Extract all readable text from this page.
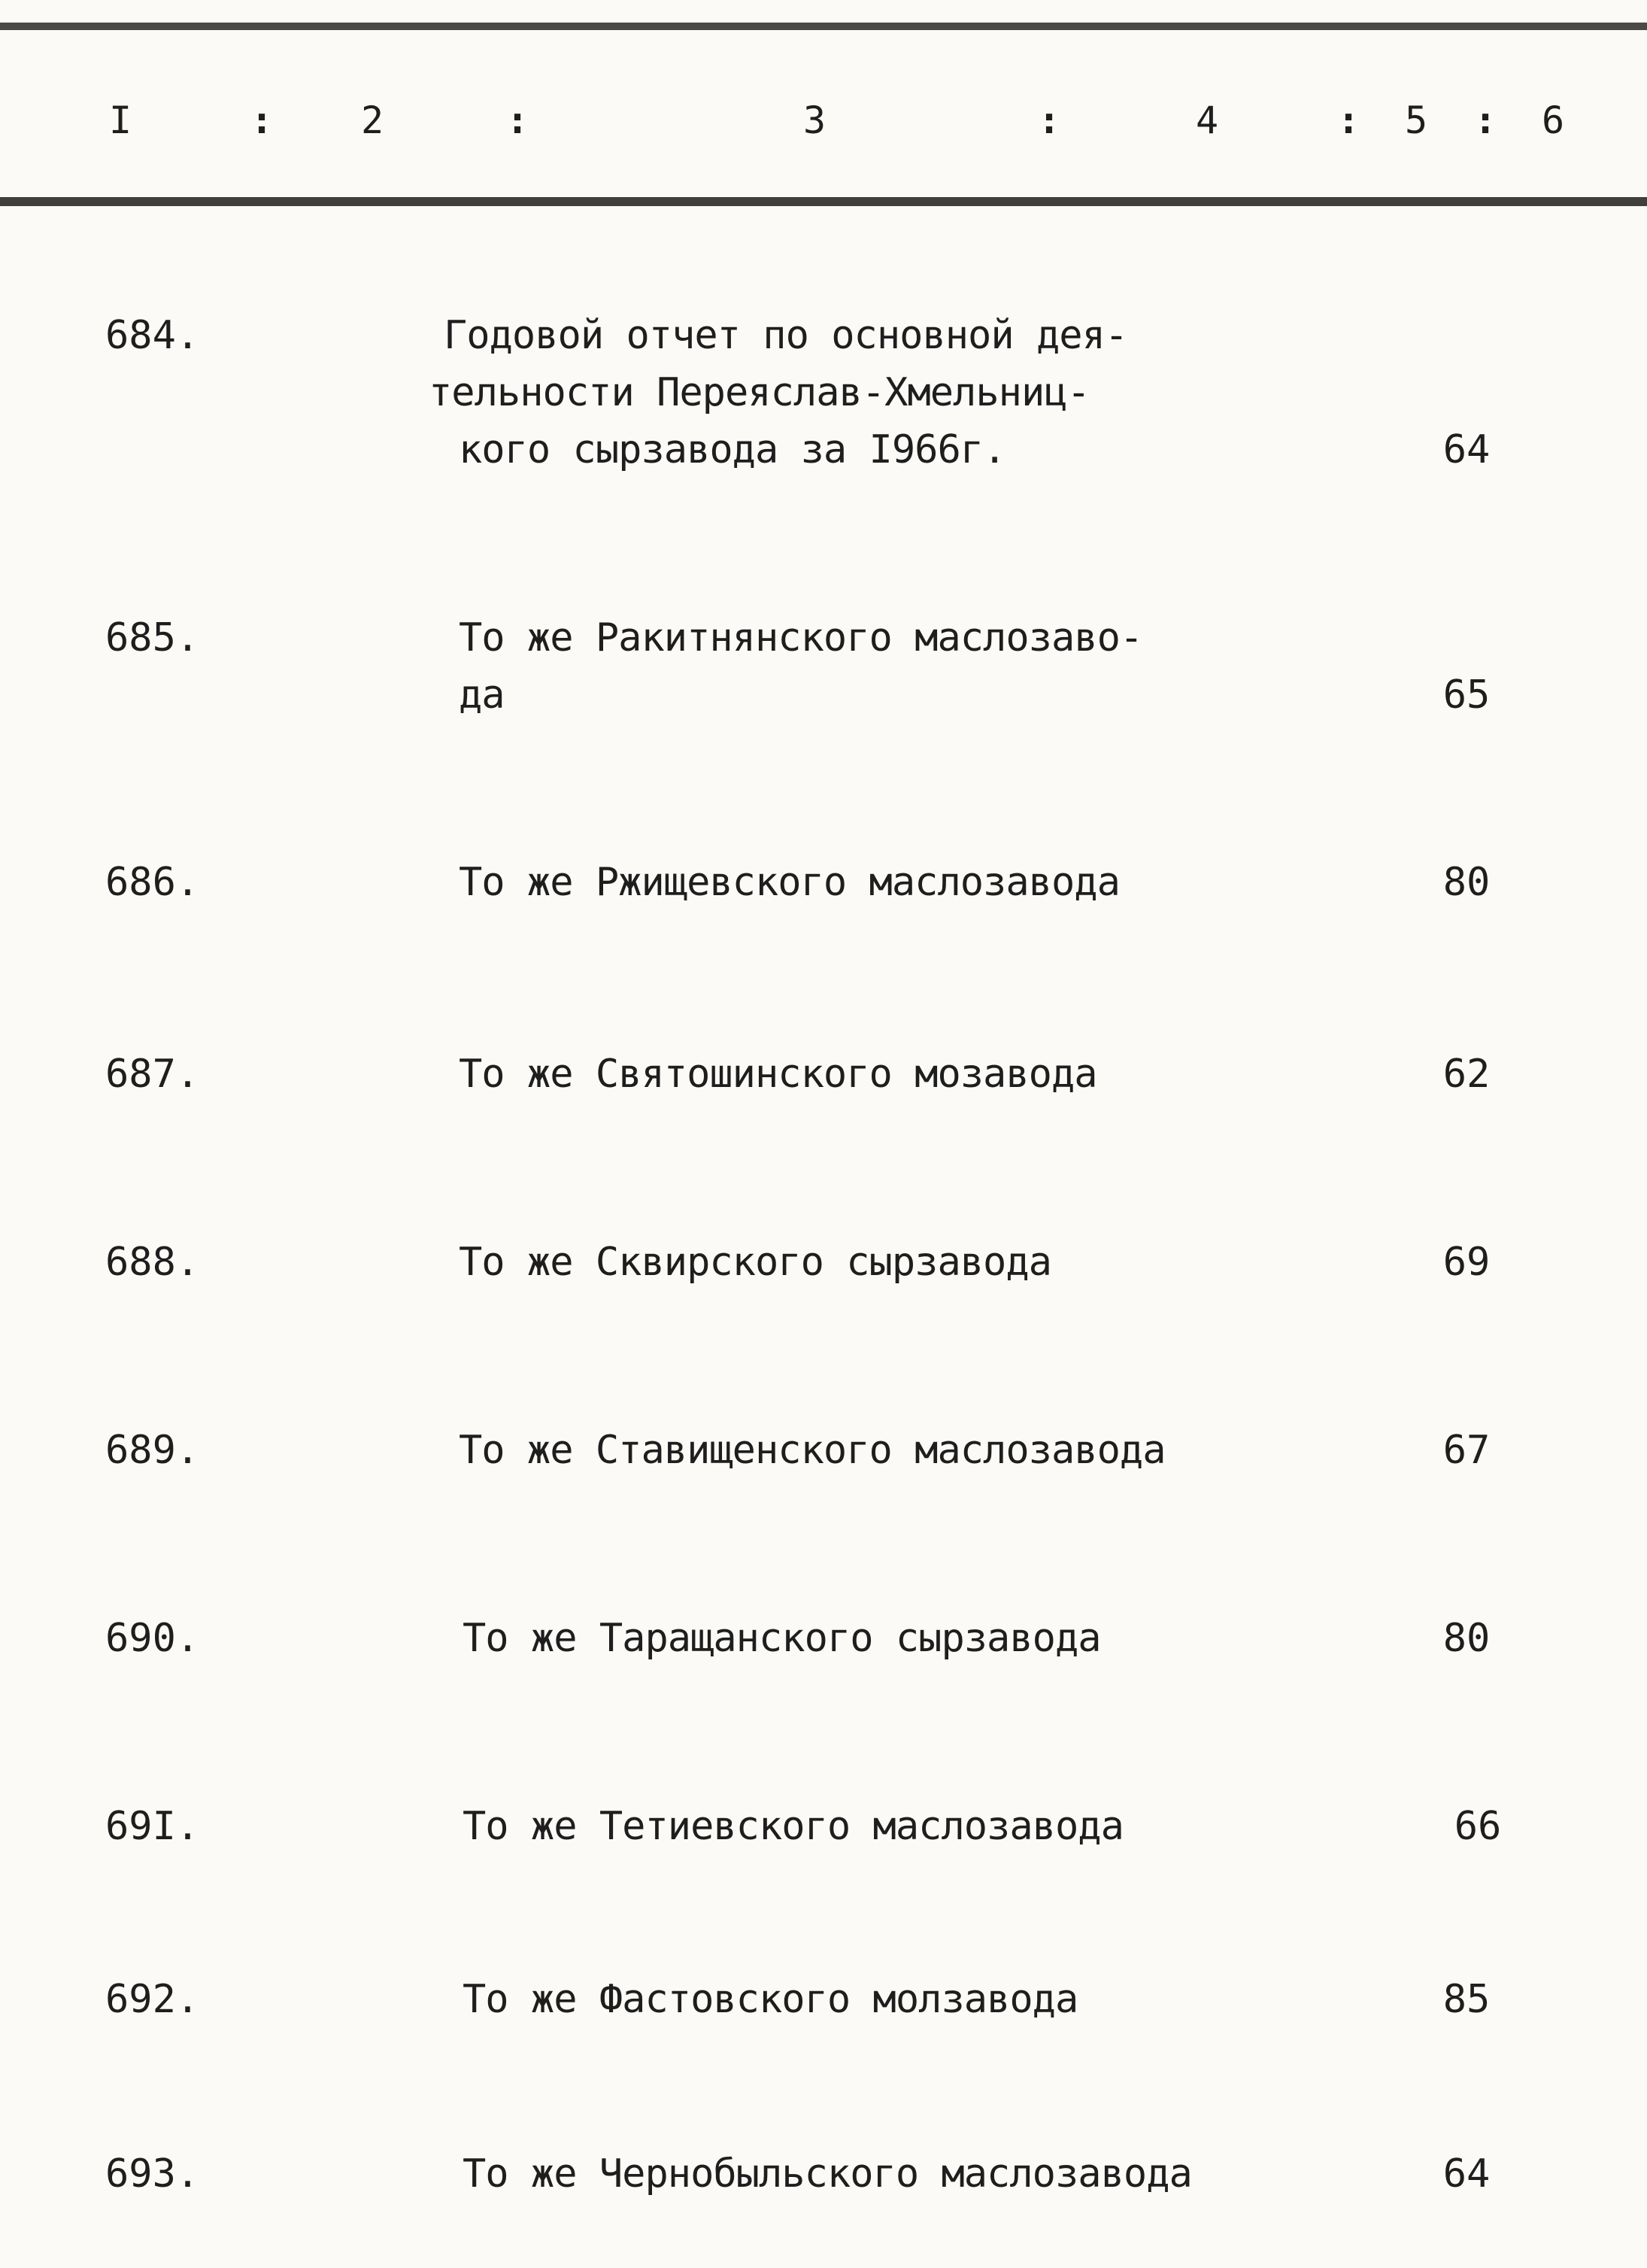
I	: 2	:	3	:	4	: 5 : 6
684.	Годовой отчет по основной дея-
тельности Переяслав-Хмельниц-
кого сырзавода за I966г.	64
685.	То же Ракитнянского маслозаво-
да	65
686.	То же Ржищевского маслозавода	80
687.	То же Святошинского мозавода	62
688.	То же Сквирского сырзавода	69
689.	То же Ставищенского маслозавода	67
690.	То же Таращанского сырзавода	80
69I.	То же Тетиевского маслозавода	66
692.	То же Фастовского молзавода	85
693.	То же Чернобыльского маслозавода	64
